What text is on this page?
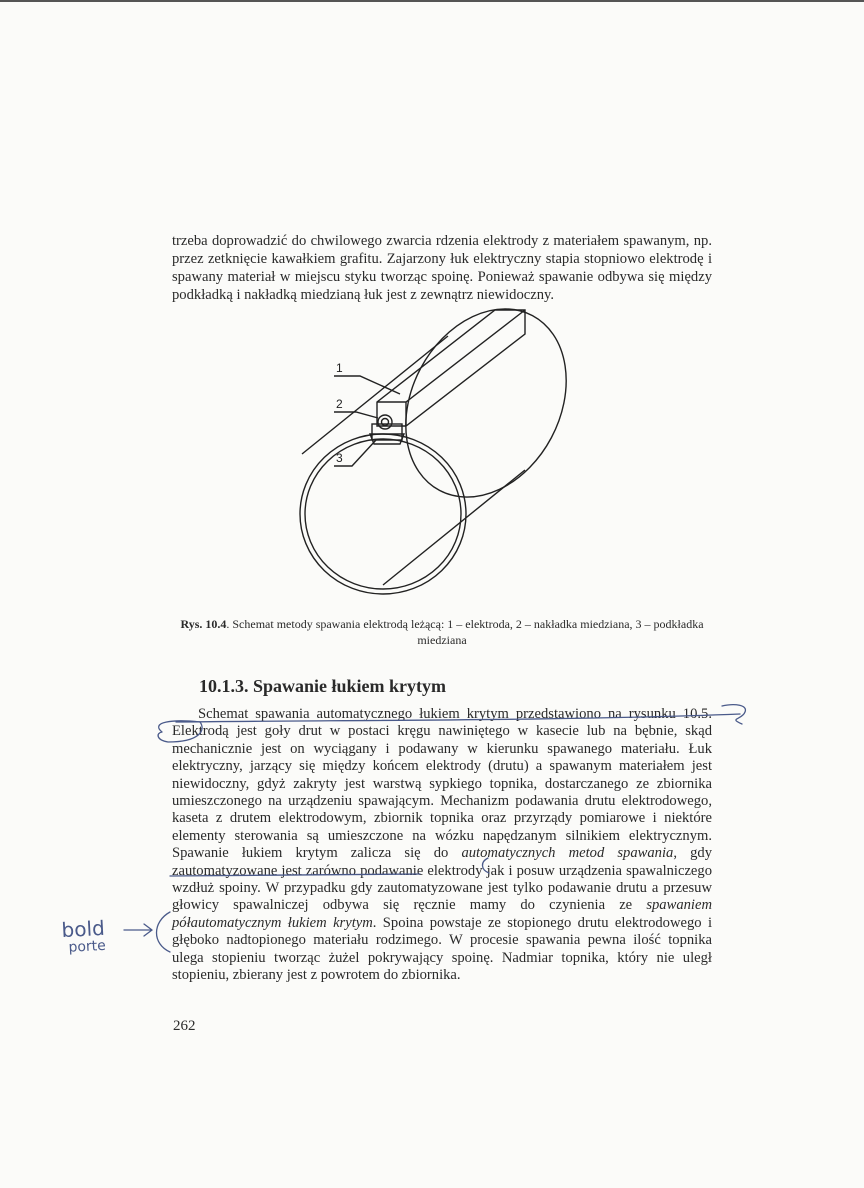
trzeba doprowadzić do chwilowego zwarcia rdzenia elektrody z materiałem spawanym, np. przez zetknięcie kawałkiem grafitu. Zajarzony łuk elektryczny stapia stopniowo elektrodę i spawany materiał w miejscu styku tworząc spoinę. Ponieważ spawanie odbywa się między podkładką i nakładką miedzianą łuk jest z zewnątrz niewidoczny.

1
2
3

Rys. 10.4. Schemat metody spawania elektrodą leżącą: 1 – elektroda, 2 – nakładka miedziana, 3 – podkładka miedziana

10.1.3. Spawanie łukiem krytym

Schemat spawania automatycznego łukiem krytym przedstawiono na rysunku 10.5. Elektrodą jest goły drut w postaci kręgu nawiniętego w kasecie lub na bębnie, skąd mechanicznie jest on wyciągany i podawany w kierunku spawanego materiału. Łuk elektryczny, jarzący się między końcem elektrody (drutu) a spawanym materiałem jest niewidoczny, gdyż zakryty jest warstwą sypkiego topnika, dostarczanego ze zbiornika umieszczonego na urządzeniu spawającym. Mechanizm podawania drutu elektrodowego, kaseta z drutem elektrodowym, zbiornik topnika oraz przyrządy pomiarowe i niektóre elementy sterowania są umieszczone na wózku napędzanym silnikiem elektrycznym. Spawanie łukiem krytym zalicza się do automatycznych metod spawania, gdy zautomatyzowane jest zarówno podawanie elektrody jak i posuw urządzenia spawalniczego wzdłuż spoiny. W przypadku gdy zautomatyzowane jest tylko podawanie drutu a przesuw głowicy spawalniczej odbywa się ręcznie mamy do czynienia ze spawaniem półautomatycznym łukiem krytym. Spoina powstaje ze stopionego drutu elektrodowego i głęboko nadtopionego materiału rodzimego. W procesie spawania pewna ilość topnika ulega stopieniu tworząc żużel pokrywający spoinę. Nadmiar topnika, który nie uległ stopieniu, zbierany jest z powrotem do zbiornika.

262
bold
porte
